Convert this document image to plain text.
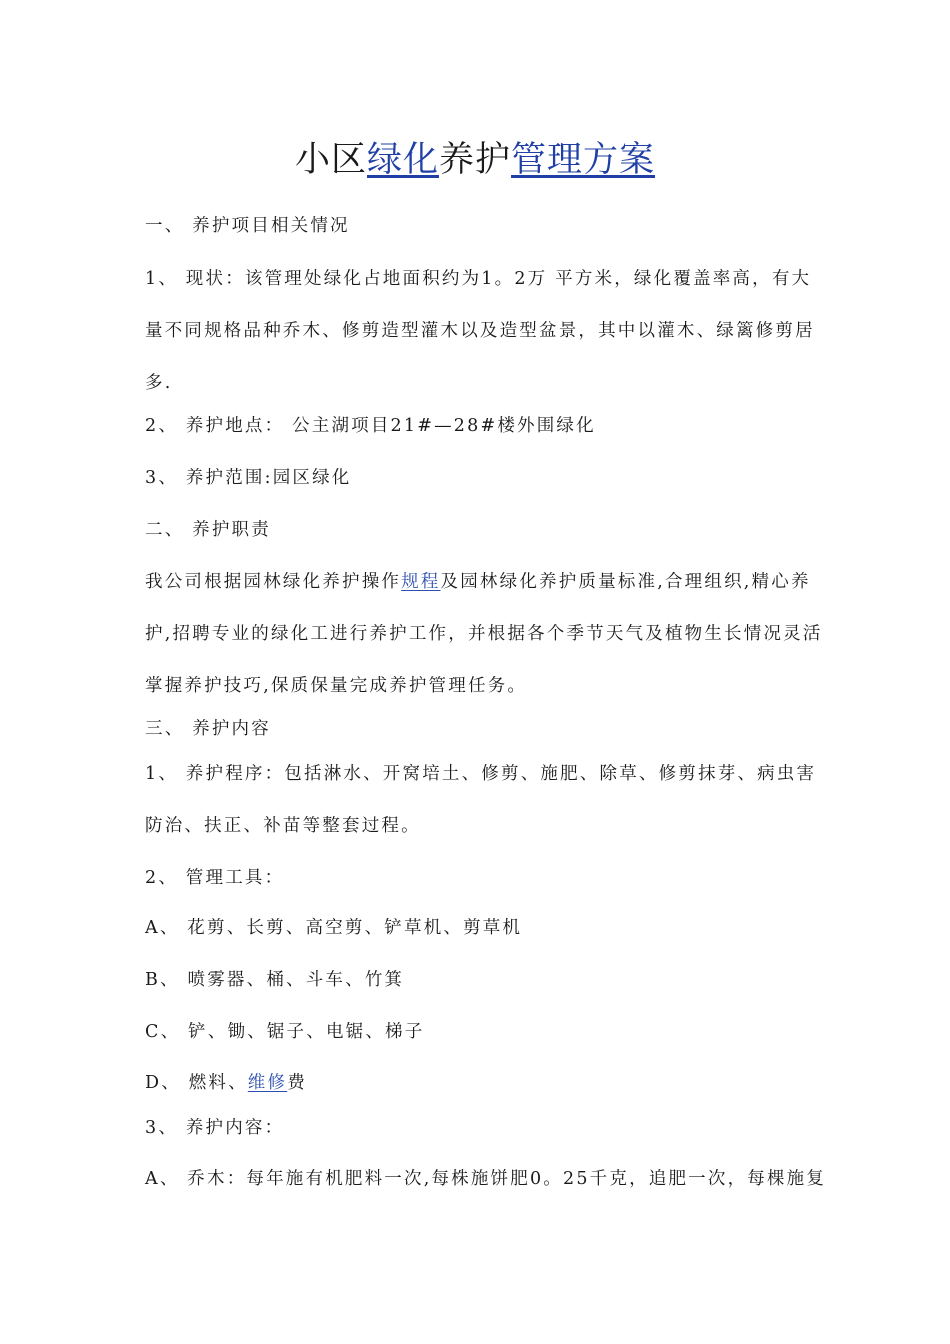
小区绿化养护管理方案
一、 养护项目相关情况
1、 现状：该管理处绿化占地面积约为1。2万 平方米，绿化覆盖率高，有大
量不同规格品种乔木、修剪造型灌木以及造型盆景，其中以灌木、绿篱修剪居
多.
2、 养护地点： 公主湖项目21#—28#楼外围绿化
3、 养护范围:园区绿化
二、 养护职责
我公司根据园林绿化养护操作规程及园林绿化养护质量标准,合理组织,精心养
护,招聘专业的绿化工进行养护工作，并根据各个季节天气及植物生长情况灵活
掌握养护技巧,保质保量完成养护管理任务。
三、 养护内容
1、 养护程序：包括淋水、开窝培土、修剪、施肥、除草、修剪抹芽、病虫害
防治、扶正、补苗等整套过程。
2、 管理工具：
A、 花剪、长剪、高空剪、铲草机、剪草机
B、 喷雾器、桶、斗车、竹箕
C、 铲、锄、锯子、电锯、梯子
D、 燃料、维修费
3、 养护内容：
A、 乔木：每年施有机肥料一次,每株施饼肥0。25千克，追肥一次，每棵施复
